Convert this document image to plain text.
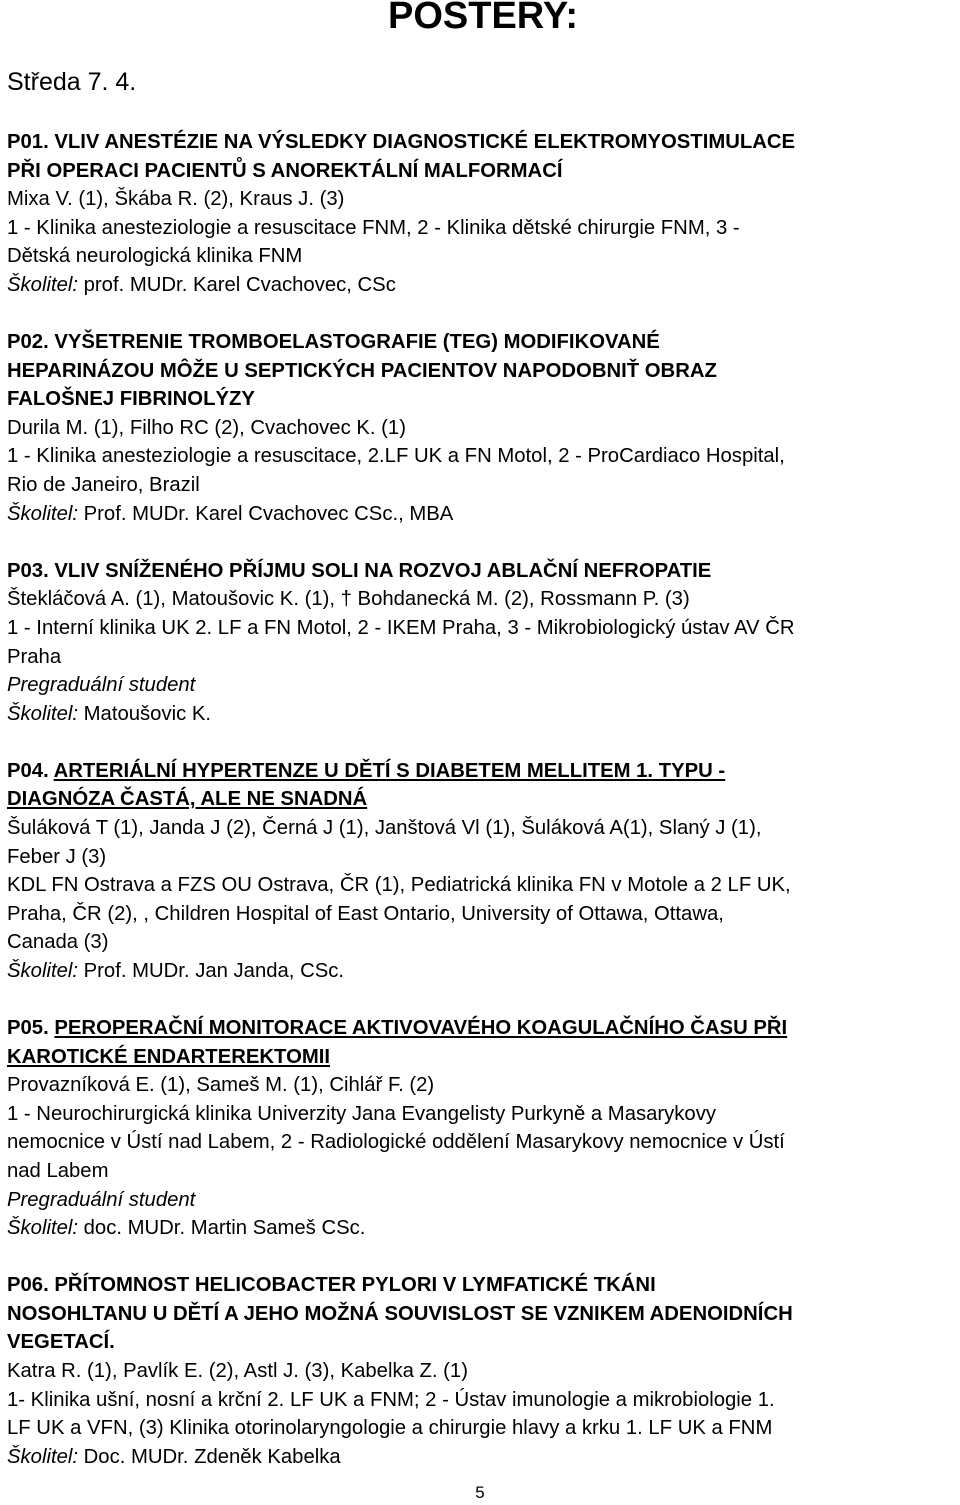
POSTERY:
Středa 7. 4.
P01. VLIV ANESTÉZIE NA VÝSLEDKY DIAGNOSTICKÉ ELEKTROMYOSTIMULACE
PŘI OPERACI PACIENTŮ S ANOREKTÁLNÍ MALFORMACÍ
Mixa V. (1), Škába R. (2), Kraus J. (3)
1 - Klinika anesteziologie a resuscitace FNM, 2 - Klinika dětské chirurgie FNM, 3 -
Dětská neurologická klinika FNM
Školitel: prof. MUDr. Karel Cvachovec, CSc
P02. VYŠETRENIE TROMBOELASTOGRAFIE (TEG) MODIFIKOVANÉ
HEPARINÁZOU MÔŽE U SEPTICKÝCH PACIENTOV NAPODOBNIŤ OBRAZ
FALOŠNEJ FIBRINOLÝZY
Durila M. (1), Filho RC (2), Cvachovec K. (1)
1 - Klinika anesteziologie a resuscitace, 2.LF UK a FN Motol, 2 - ProCardiaco Hospital,
Rio de Janeiro, Brazil
Školitel: Prof. MUDr. Karel Cvachovec CSc., MBA
P03. VLIV SNÍŽENÉHO PŘÍJMU SOLI NA ROZVOJ ABLAČNÍ NEFROPATIE
Štekláčová A. (1), Matoušovic K. (1), † Bohdanecká M. (2), Rossmann P. (3)
1 - Interní klinika UK 2. LF a FN Motol, 2 - IKEM Praha, 3 - Mikrobiologický ústav AV ČR
Praha
Pregraduální student
Školitel: Matoušovic K.
P04. ARTERIÁLNÍ HYPERTENZE U DĚTÍ S DIABETEM MELLITEM 1. TYPU -
DIAGNÓZA ČASTÁ, ALE NE SNADNÁ
Šuláková T (1), Janda J (2), Černá J (1), Janštová Vl (1), Šuláková A(1), Slaný J (1),
Feber J (3)
KDL FN Ostrava a FZS OU Ostrava, ČR (1), Pediatrická klinika FN v Motole a 2 LF UK,
Praha, ČR (2), , Children Hospital of East Ontario, University of Ottawa, Ottawa,
Canada (3)
Školitel: Prof. MUDr. Jan Janda, CSc.
P05. PEROPERAČNÍ MONITORACE AKTIVOVAVÉHO KOAGULAČNÍHO ČASU PŘI
KAROTICKÉ ENDARTEREKTOMII
Provazníková E. (1), Sameš M. (1), Cihlář F. (2)
1 - Neurochirurgická klinika Univerzity Jana Evangelisty Purkyně a Masarykovy
nemocnice v Ústí nad Labem, 2 - Radiologické oddělení Masarykovy nemocnice v Ústí
nad Labem
Pregraduální student
Školitel: doc. MUDr. Martin Sameš CSc.
P06. PŘÍTOMNOST HELICOBACTER PYLORI V LYMFATICKÉ TKÁNI
NOSOHLTANU U DĚTÍ A JEHO MOŽNÁ SOUVISLOST SE VZNIKEM ADENOIDNÍCH
VEGETACÍ.
Katra R. (1), Pavlík E. (2), Astl J. (3), Kabelka Z. (1)
1- Klinika ušní, nosní a krční 2. LF UK a FNM; 2 - Ústav imunologie a mikrobiologie 1.
LF UK a VFN, (3) Klinika otorinolaryngologie a chirurgie hlavy a krku 1. LF UK a FNM
Školitel: Doc. MUDr. Zdeněk Kabelka
5
